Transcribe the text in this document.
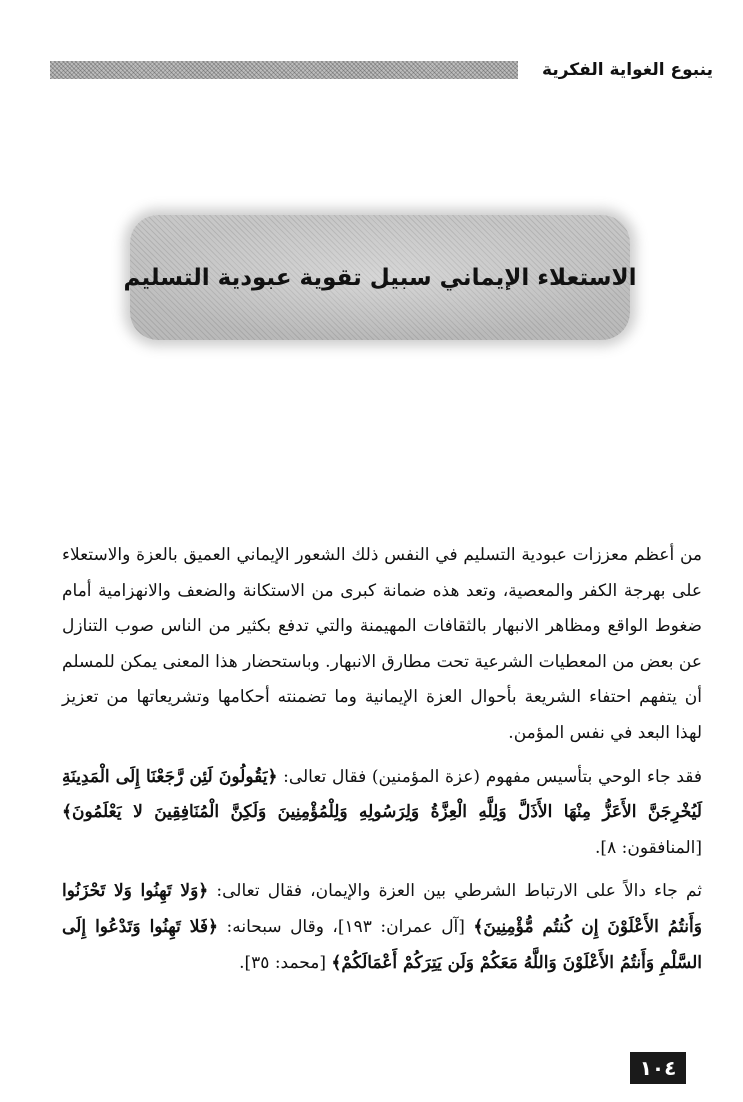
ينبوع الغواية الفكرية
الاستعلاء الإيماني سبيل تقوية عبودية التسليم

من أعظم معززات عبودية التسليم في النفس ذلك الشعور الإيماني العميق بالعزة والاستعلاء على بهرجة الكفر والمعصية، وتعد هذه ضمانة كبرى من الاستكانة والضعف والانهزامية أمام ضغوط الواقع ومظاهر الانبهار بالثقافات المهيمنة والتي تدفع بكثير من الناس صوب التنازل عن بعض من المعطيات الشرعية تحت مطارق الانبهار. وباستحضار هذا المعنى يمكن للمسلم أن يتفهم احتفاء الشريعة بأحوال العزة الإيمانية وما تضمنته أحكامها وتشريعاتها من تعزيز لهذا البعد في نفس المؤمن.

فقد جاء الوحي بتأسيس مفهوم (عزة المؤمنين) فقال تعالى: ﴿يَقُولُونَ لَئِن رَّجَعْنَا إِلَى الْمَدِينَةِ لَيُخْرِجَنَّ الأَعَزُّ مِنْهَا الأَذَلَّ وَلِلَّهِ الْعِزَّةُ وَلِرَسُولِهِ وَلِلْمُؤْمِنِينَ وَلَكِنَّ الْمُنَافِقِينَ لا يَعْلَمُونَ﴾ [المنافقون: ٨].

ثم جاء دالاً على الارتباط الشرطي بين العزة والإيمان، فقال تعالى: ﴿وَلا تَهِنُوا وَلا تَحْزَنُوا وَأَنتُمُ الأَعْلَوْنَ إِن كُنتُم مُّؤْمِنِينَ﴾ [آل عمران: ١٩٣]، وقال سبحانه: ﴿فَلا تَهِنُوا وَتَدْعُوا إِلَى السَّلْمِ وَأَنتُمُ الأَعْلَوْنَ وَاللَّهُ مَعَكُمْ وَلَن يَتِرَكُمْ أَعْمَالَكُمْ﴾ [محمد: ٣٥].

١٠٤
